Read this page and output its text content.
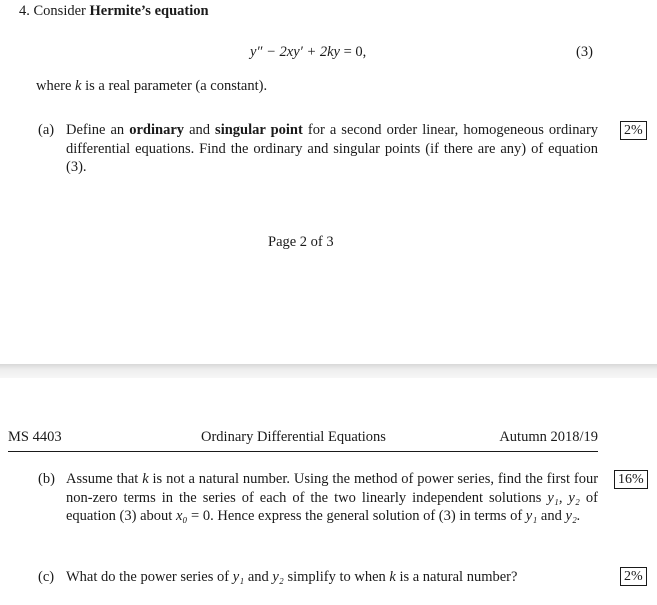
4. Consider Hermite’s equation
y″ − 2xy′ + 2ky = 0,	(3)
where k is a real parameter (a constant).
(a) Define an ordinary and singular point for a second order linear, homogeneous ordinary differential equations. Find the ordinary and singular points (if there are any) of equation (3).
2%
Page 2 of 3
MS 4403	Ordinary Differential Equations	Autumn 2018/19
(b) Assume that k is not a natural number. Using the method of power series, find the first four non-zero terms in the series of each of the two linearly independent solutions y₁, y₂ of equation (3) about x₀ = 0. Hence express the general solution of (3) in terms of y₁ and y₂.
16%
(c) What do the power series of y₁ and y₂ simplify to when k is a natural number?	2%
